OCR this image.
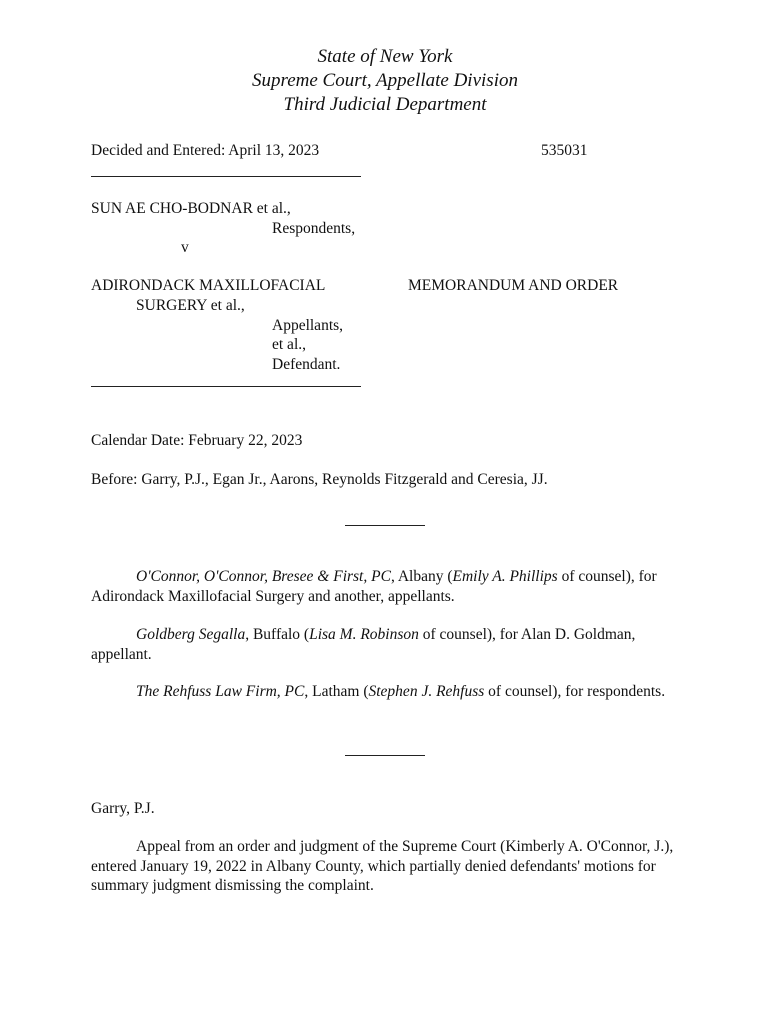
State of New York
Supreme Court, Appellate Division
Third Judicial Department
Decided and Entered: April 13, 2023	535031
SUN AE CHO-BODNAR et al.,
Respondents,
v
ADIRONDACK MAXILLOFACIAL	MEMORANDUM AND ORDER
SURGERY et al.,
Appellants,
et al.,
Defendant.
Calendar Date: February 22, 2023
Before: Garry, P.J., Egan Jr., Aarons, Reynolds Fitzgerald and Ceresia, JJ.
O'Connor, O'Connor, Bresee & First, PC, Albany (Emily A. Phillips of counsel), for Adirondack Maxillofacial Surgery and another, appellants.
Goldberg Segalla, Buffalo (Lisa M. Robinson of counsel), for Alan D. Goldman, appellant.
The Rehfuss Law Firm, PC, Latham (Stephen J. Rehfuss of counsel), for respondents.
Garry, P.J.
Appeal from an order and judgment of the Supreme Court (Kimberly A. O'Connor, J.), entered January 19, 2022 in Albany County, which partially denied defendants' motions for summary judgment dismissing the complaint.
